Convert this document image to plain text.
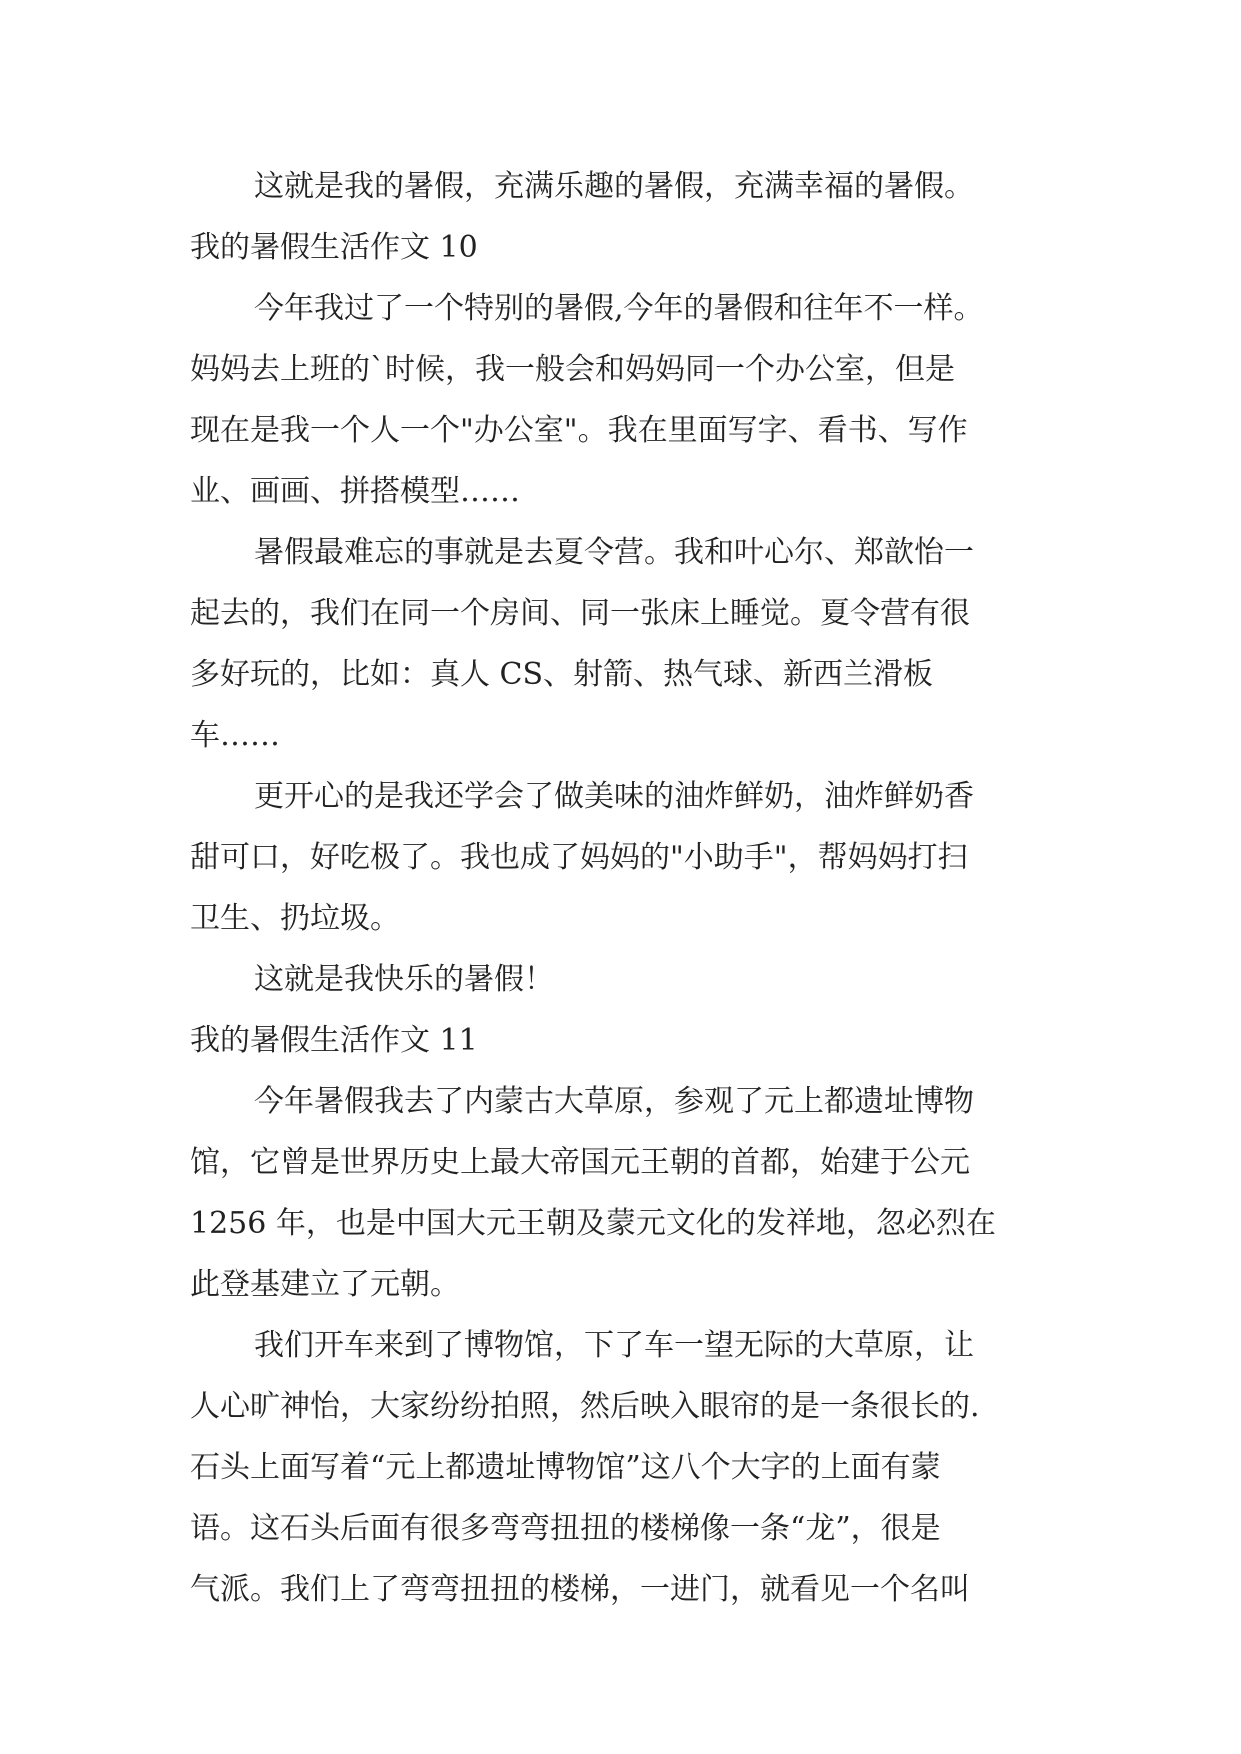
这就是我的暑假，充满乐趣的暑假，充满幸福的暑假。
我的暑假生活作文 10
今年我过了一个特别的暑假,今年的暑假和往年不一样。
妈妈去上班的`时候，我一般会和妈妈同一个办公室，但是
现在是我一个人一个"办公室"。我在里面写字、看书、写作
业、画画、拼搭模型……
暑假最难忘的事就是去夏令营。我和叶心尔、郑歆怡一
起去的，我们在同一个房间、同一张床上睡觉。夏令营有很
多好玩的，比如：真人 CS、射箭、热气球、新西兰滑板
车……
更开心的是我还学会了做美味的油炸鲜奶，油炸鲜奶香
甜可口，好吃极了。我也成了妈妈的"小助手"，帮妈妈打扫
卫生、扔垃圾。
这就是我快乐的暑假！
我的暑假生活作文 11
今年暑假我去了内蒙古大草原，参观了元上都遗址博物
馆，它曾是世界历史上最大帝国元王朝的首都，始建于公元
1256 年，也是中国大元王朝及蒙元文化的发祥地，忽必烈在
此登基建立了元朝。
我们开车来到了博物馆，下了车一望无际的大草原，让
人心旷神怡，大家纷纷拍照，然后映入眼帘的是一条很长的.
石头上面写着“元上都遗址博物馆”这八个大字的上面有蒙
语。这石头后面有很多弯弯扭扭的楼梯像一条“龙”，很是
气派。我们上了弯弯扭扭的楼梯，一进门，就看见一个名叫
